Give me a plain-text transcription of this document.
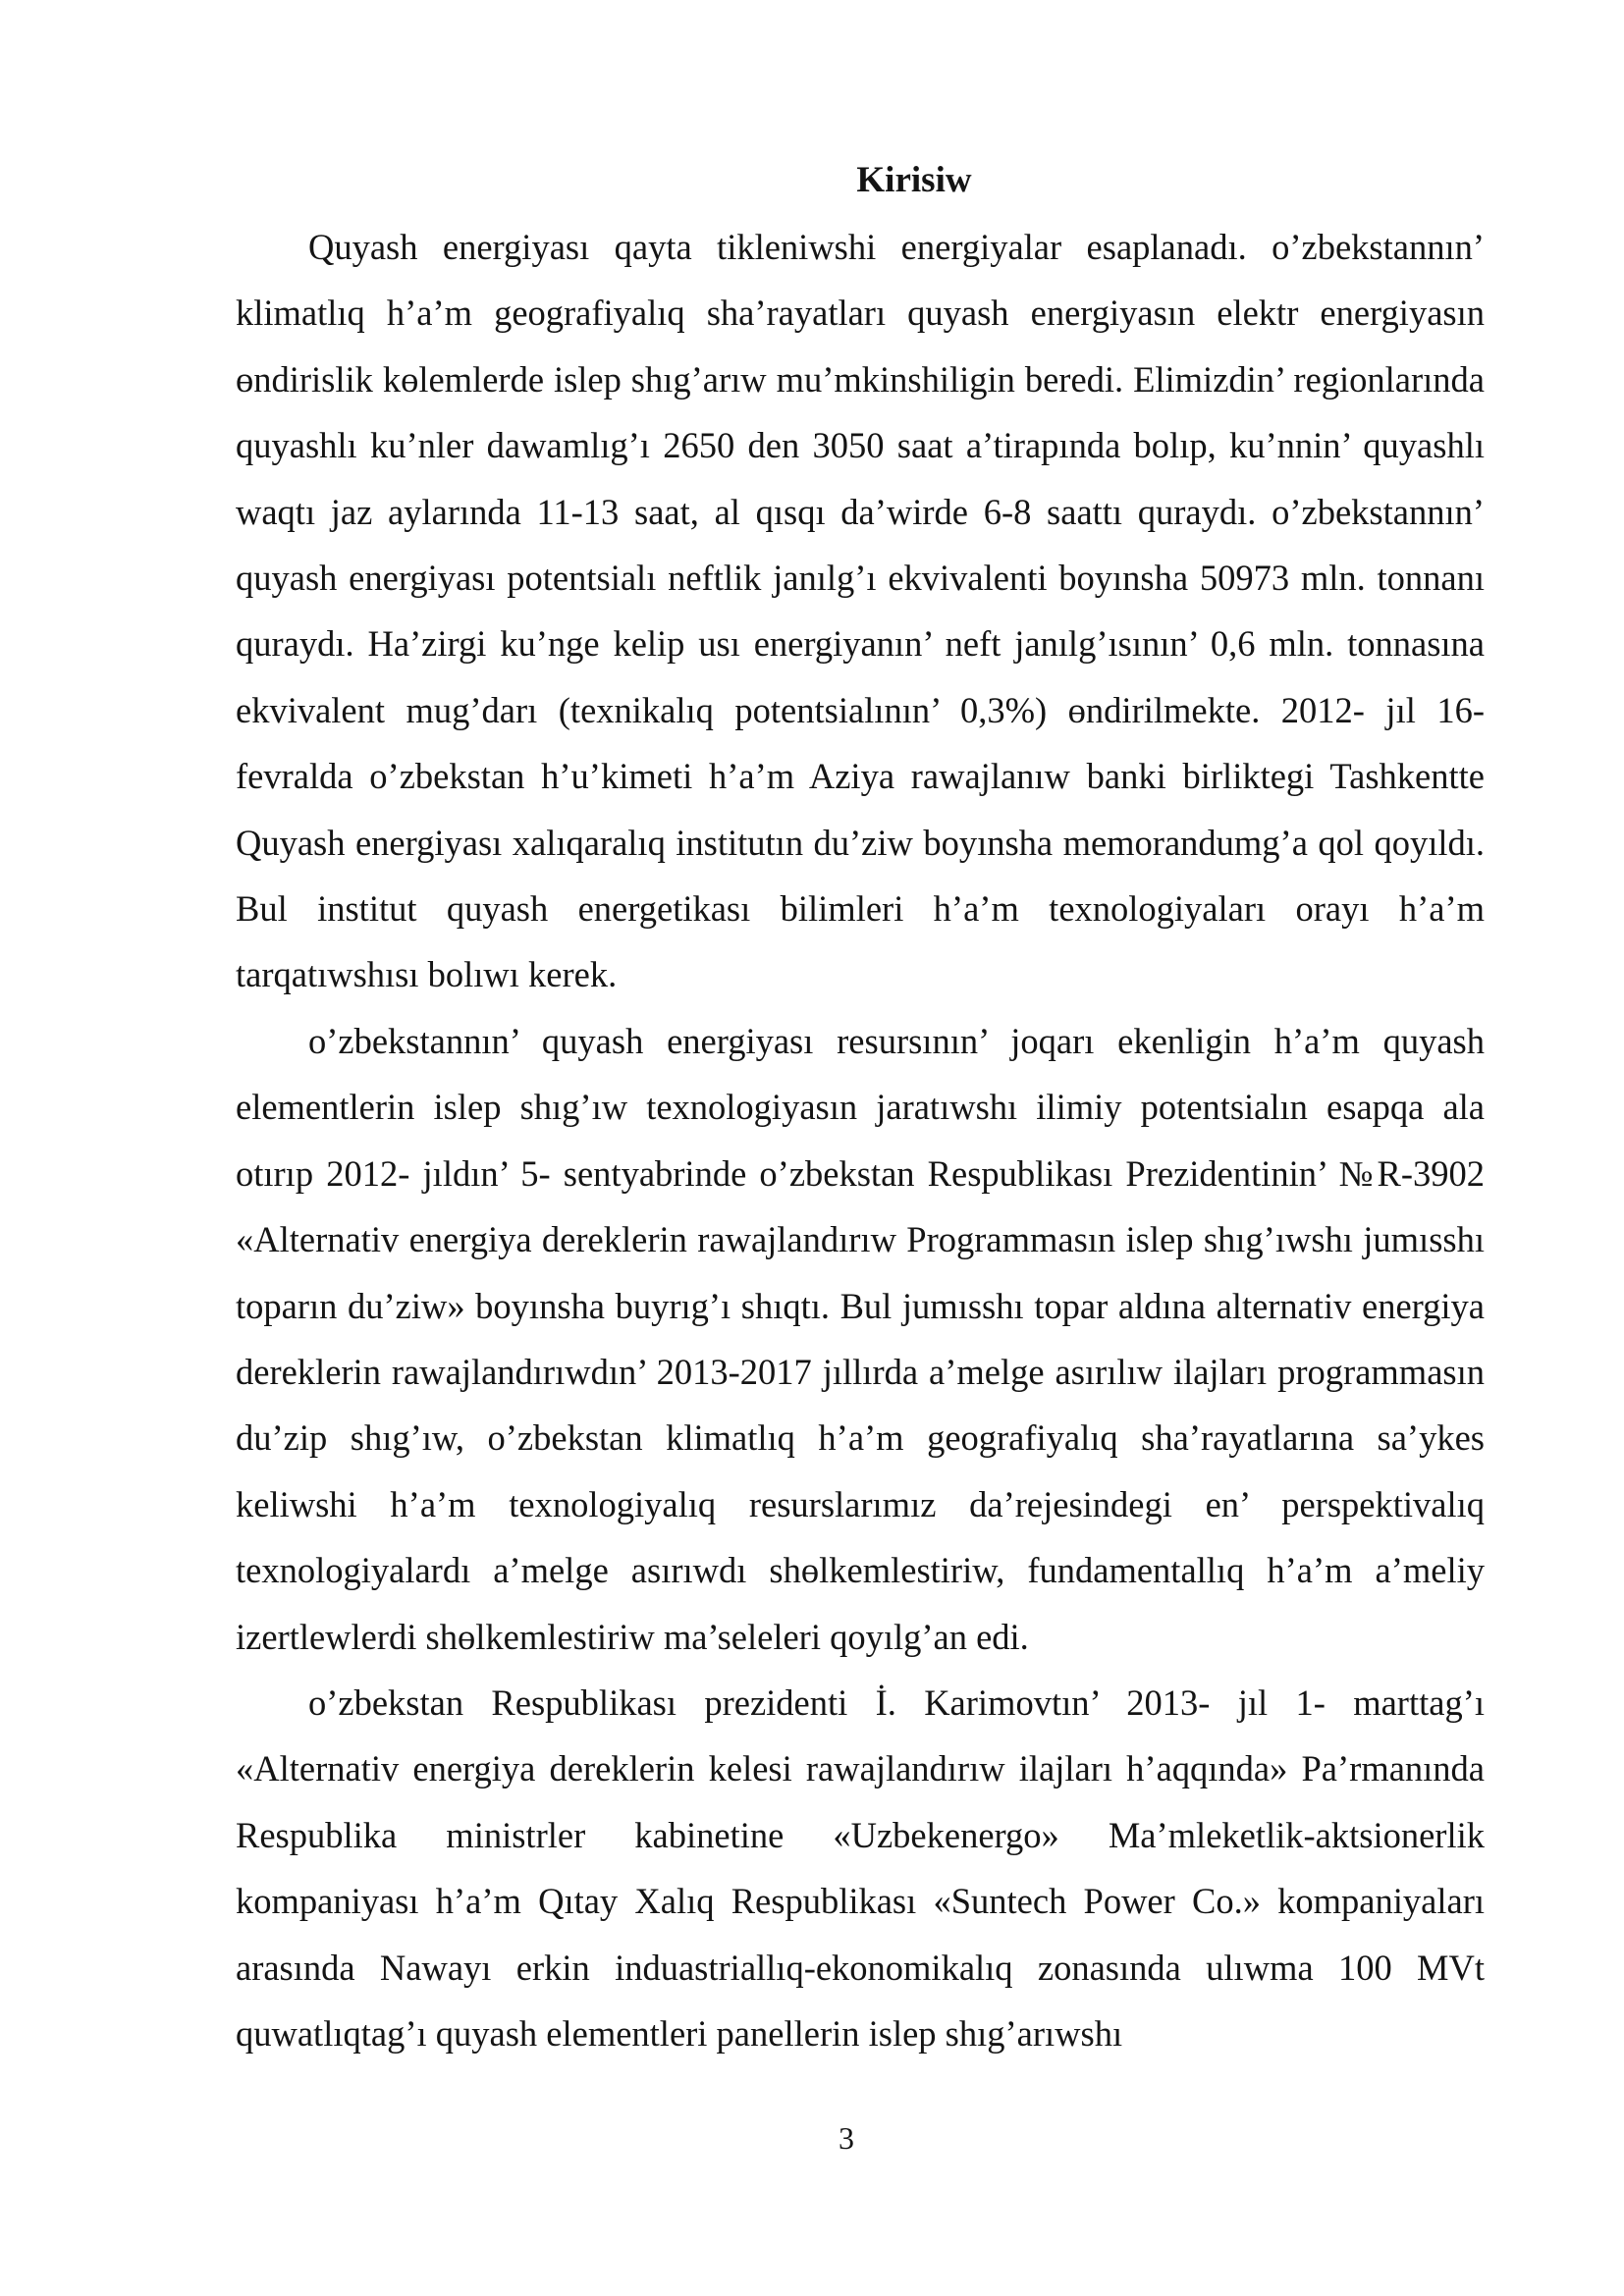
Kirisiw

Quyash energiyası qayta tikleniwshi energiyalar esaplanadı. o’zbekstannın’ klimatlıq h’a’m geografiyalıq sha’rayatları quyash energiyasın elektr energiyasın өndirislik kөlemlerde islep shıg’arıw mu’mkinshiligin beredi. Elimizdin’ regionlarında quyashlı ku’nler dawamlıg’ı 2650 den 3050 saat a’tirapında bolıp, ku’nnin’ quyashlı waqtı jaz aylarında 11-13 saat, al qısqı da’wirde 6-8 saattı quraydı. o’zbekstannın’ quyash energiyası potentsialı neftlik janılg’ı ekvivalenti boyınsha 50973 mln. tonnanı quraydı. Ha’zirgi ku’nge kelip usı energiyanın’ neft janılg’ısının’ 0,6 mln. tonnasına ekvivalent mug’darı (texnikalıq potentsialının’ 0,3%) өndirilmekte. 2012- jıl 16- fevralda o’zbekstan h’u’kimeti h’a’m Aziya rawajlanıw banki birliktegi Tashkentte Quyash energiyası xalıqaralıq institutın du’ziw boyınsha memorandumg’a qol qoyıldı. Bul institut quyash energetikası bilimleri h’a’m texnologiyaları orayı h’a’m tarqatıwshısı bolıwı kerek.

o’zbekstannın’ quyash energiyası resursının’ joqarı ekenligin h’a’m quyash elementlerin islep shıg’ıw texnologiyasın jaratıwshı ilimiy potentsialın esapqa ala otırıp 2012- jıldın’ 5- sentyabrinde o’zbekstan Respublikası Prezidentinin’ №R-3902 «Alternativ energiya dereklerin rawajlandırıw Programmasın islep shıg’ıwshı jumısshı toparın du’ziw» boyınsha buyrıg’ı shıqtı. Bul jumısshı topar aldına alternativ energiya dereklerin rawajlandırıwdın’ 2013-2017 jıllırda a’melge asırılıw ilajları programmasın du’zip shıg’ıw, o’zbekstan klimatlıq h’a’m geografiyalıq sha’rayatlarına sa’ykes keliwshi h’a’m texnologiyalıq resurslarımız da’rejesindegi en’ perspektivalıq texnologiyalardı a’melge asırıwdı shөlkemlestiriw, fundamentallıq h’a’m a’meliy izertlewlerdi shөlkemlestiriw ma’seleleri qoyılg’an edi.

o’zbekstan Respublikası prezidenti İ. Karimovtın’ 2013- jıl 1- marttag’ı «Alternativ energiya dereklerin kelesi rawajlandırıw ilajları h’aqqında» Pa’rmanında Respublika ministrler kabinetine «Uzbekenergo» Ma’mleketlik-aktsionerlik kompaniyası h’a’m Qıtay Xalıq Respublikası «Suntech Power Co.» kompaniyaları arasında Nawayı erkin induastriallıq-ekonomikalıq zonasında ulıwma 100 MVt quwatlıqtag’ı quyash elementleri panellerin islep shıg’arıwshı

3
